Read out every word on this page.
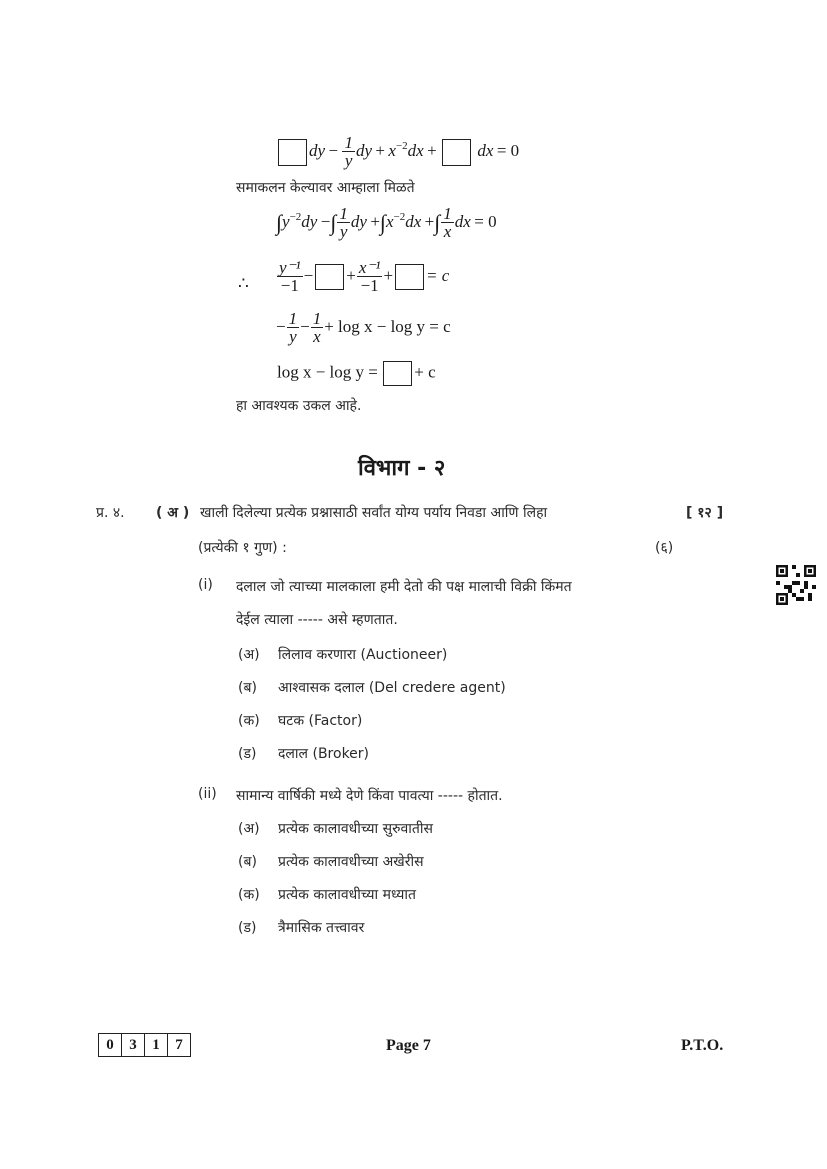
dy −  $\frac{1}{y}$ dy + $x^{-2}dx$ +  dx  = 0
समाकलन केल्यावर आम्हाला मिळते
$\int y^{-2}dy$ −∫ $\frac{1}{y}$ dy $+\int x^{-2}dx$ +∫ $\frac{1}{x}$ dx  = 0
∴ $\frac{\text{y⁻¹}}{-1}$ − + $\frac{\text{x⁻¹}}{-1}$ + = c
− $\frac{1}{y} - \frac{1}{x} + \log x - \log y = c$
log x − log y =  + c
हा आवश्यक उकल आहे.
विभाग - २
प्र. ४. ( अ ) खाली दिलेल्या प्रत्येक प्रश्नासाठी सर्वांत योग्य पर्याय निवडा आणि लिहा	[ १२ ]
(प्रत्येकी १ गुण) :	(६)
(i) दलाल जो त्याच्या मालकाला हमी देतो की पक्ष मालाची विक्री किंमत
देईल त्याला ----- असे म्हणतात.
(अ) लिलाव करणारा (Auctioneer)
(ब) आश्वासक दलाल (Del credere agent)
(क) घटक (Factor)
(ड) दलाल (Broker)
(ii) सामान्य वार्षिकी मध्ये देणे किंवा पावत्या ----- होतात.
(अ) प्रत्येक कालावधीच्या सुरुवातीस
(ब) प्रत्येक कालावधीच्या अखेरीस
(क) प्रत्येक कालावधीच्या मध्यात
(ड) त्रैमासिक तत्त्वावर
0	3	1	7	Page 7	P.T.O.
